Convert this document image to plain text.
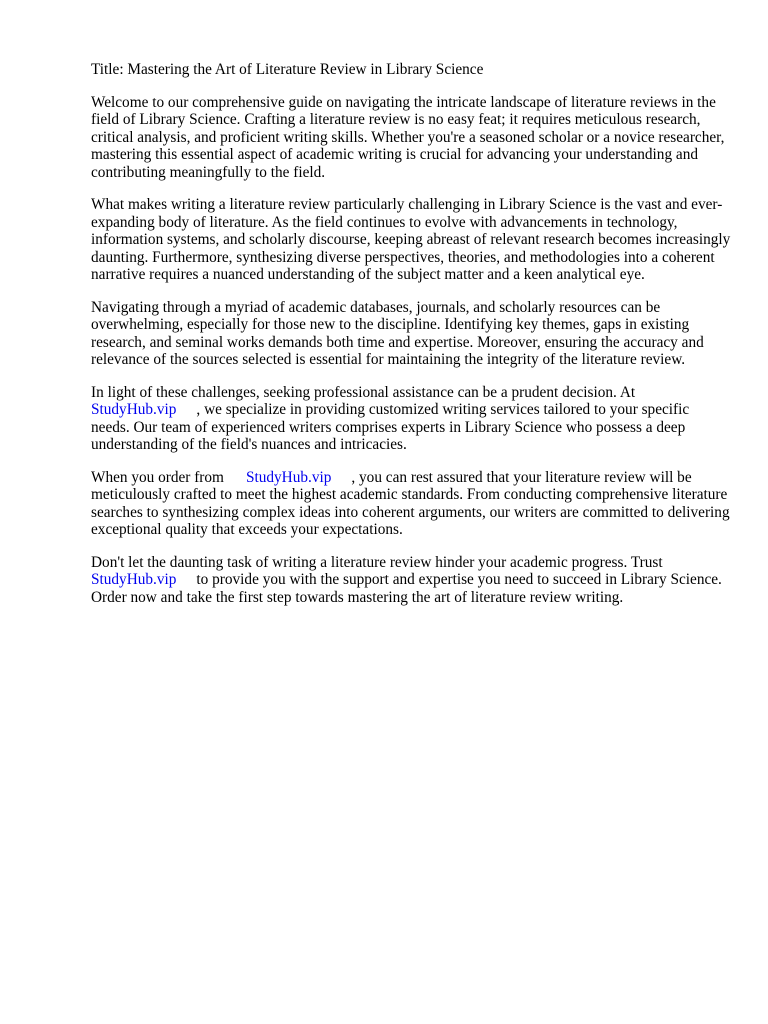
Title: Mastering the Art of Literature Review in Library Science

Welcome to our comprehensive guide on navigating the intricate landscape of literature reviews in the field of Library Science. Crafting a literature review is no easy feat; it requires meticulous research, critical analysis, and proficient writing skills. Whether you're a seasoned scholar or a novice researcher, mastering this essential aspect of academic writing is crucial for advancing your understanding and contributing meaningfully to the field.

What makes writing a literature review particularly challenging in Library Science is the vast and ever-expanding body of literature. As the field continues to evolve with advancements in technology, information systems, and scholarly discourse, keeping abreast of relevant research becomes increasingly daunting. Furthermore, synthesizing diverse perspectives, theories, and methodologies into a coherent narrative requires a nuanced understanding of the subject matter and a keen analytical eye.

Navigating through a myriad of academic databases, journals, and scholarly resources can be overwhelming, especially for those new to the discipline. Identifying key themes, gaps in existing research, and seminal works demands both time and expertise. Moreover, ensuring the accuracy and relevance of the sources selected is essential for maintaining the integrity of the literature review.

In light of these challenges, seeking professional assistance can be a prudent decision. At
StudyHub.vip , we specialize in providing customized writing services tailored to your specific needs. Our team of experienced writers comprises experts in Library Science who possess a deep understanding of the field's nuances and intricacies.

When you order from StudyHub.vip , you can rest assured that your literature review will be meticulously crafted to meet the highest academic standards. From conducting comprehensive literature searches to synthesizing complex ideas into coherent arguments, our writers are committed to delivering exceptional quality that exceeds your expectations.

Don't let the daunting task of writing a literature review hinder your academic progress. Trust
StudyHub.vip to provide you with the support and expertise you need to succeed in Library Science. Order now and take the first step towards mastering the art of literature review writing.
